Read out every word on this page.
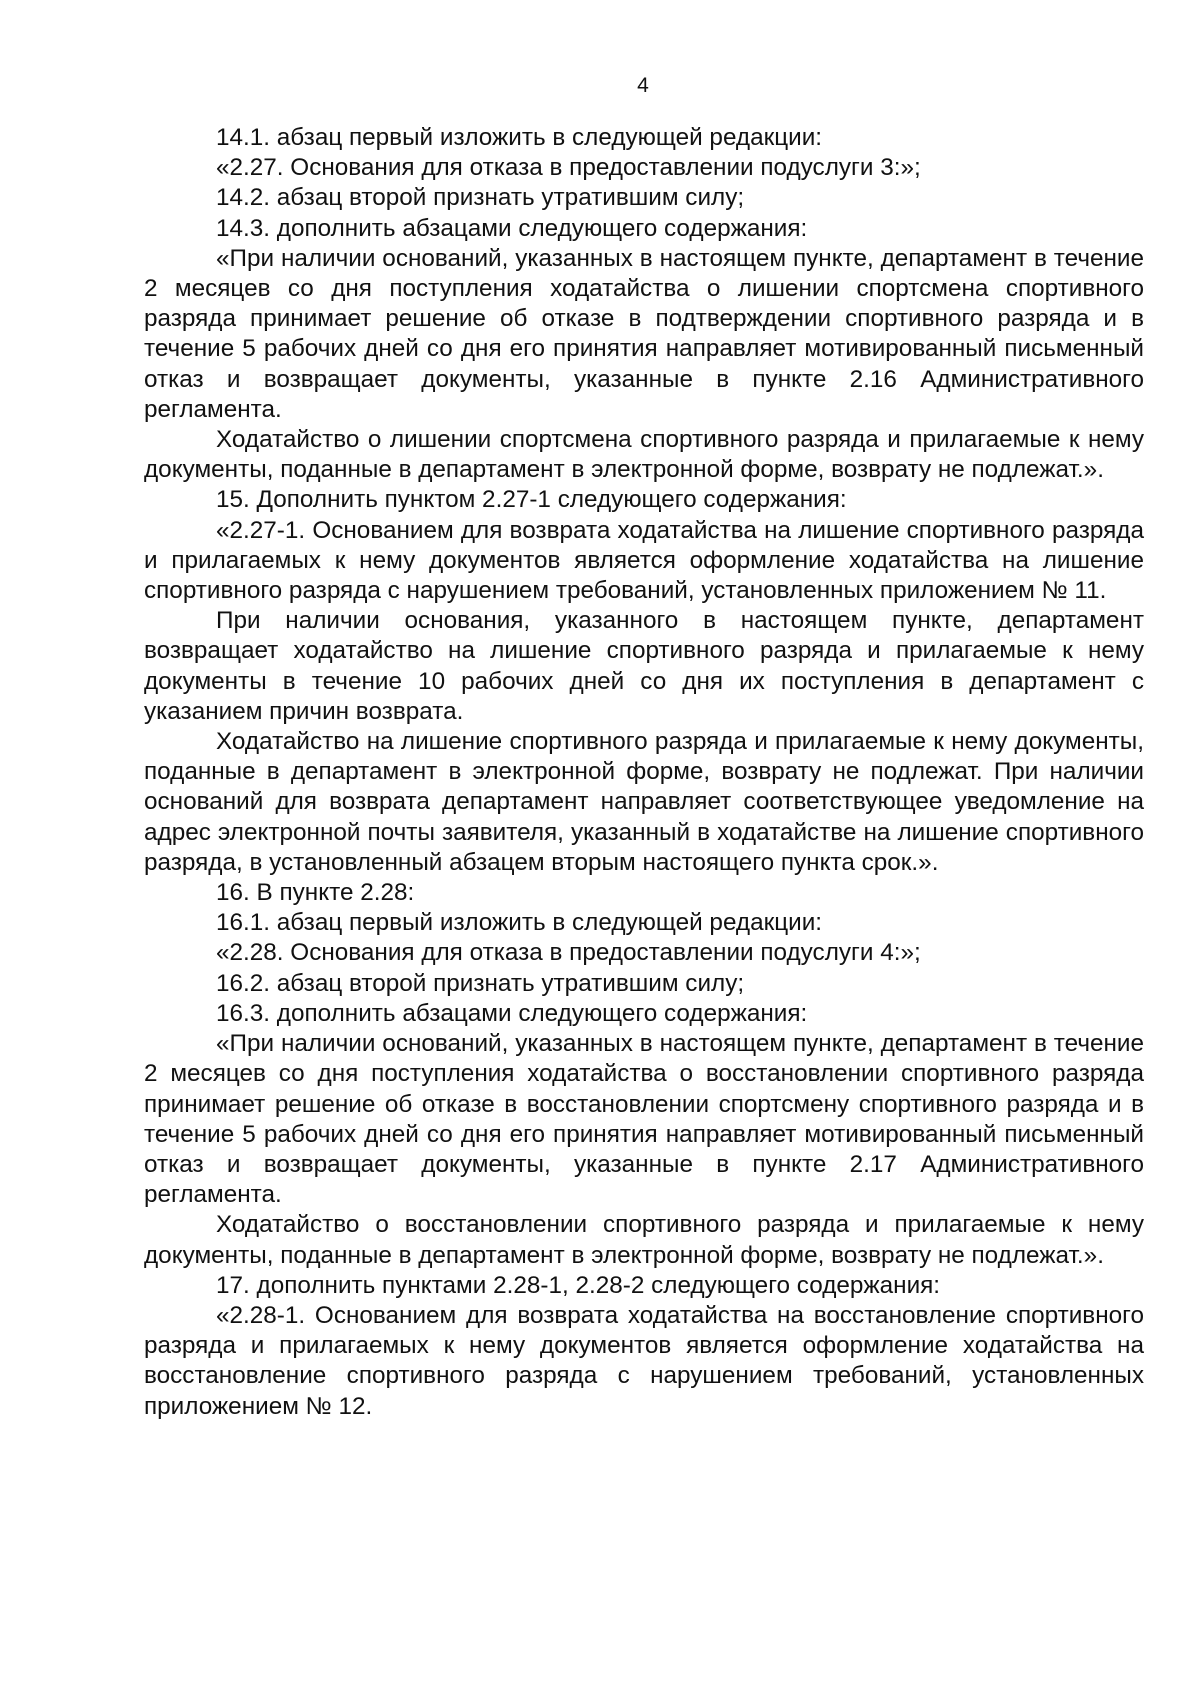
4

14.1. абзац первый изложить в следующей редакции:

«2.27. Основания для отказа в предоставлении подуслуги 3:»;

14.2. абзац второй признать утратившим силу;

14.3. дополнить абзацами следующего содержания:

«При наличии оснований, указанных в настоящем пункте, департамент в течение 2 месяцев со дня поступления ходатайства о лишении спортсмена спортивного разряда принимает решение об отказе в подтверждении спортивного разряда и в течение 5 рабочих дней со дня его принятия направляет мотивированный письменный отказ и возвращает документы, указанные в пункте 2.16 Административного регламента.

Ходатайство о лишении спортсмена спортивного разряда и прилагаемые к нему документы, поданные в департамент в электронной форме, возврату не подлежат.».

15. Дополнить пунктом 2.27-1 следующего содержания:

«2.27-1. Основанием для возврата ходатайства на лишение спортивного разряда и прилагаемых к нему документов является оформление ходатайства на лишение спортивного разряда с нарушением требований, установленных приложением № 11.

При наличии основания, указанного в настоящем пункте, департамент возвращает ходатайство на лишение спортивного разряда и прилагаемые к нему документы в течение 10 рабочих дней со дня их поступления в департамент с указанием причин возврата.

Ходатайство на лишение спортивного разряда и прилагаемые к нему документы, поданные в департамент в электронной форме, возврату не подлежат. При наличии оснований для возврата департамент направляет соответствующее уведомление на адрес электронной почты заявителя, указанный в ходатайстве на лишение спортивного разряда, в установленный абзацем вторым настоящего пункта срок.».

16. В пункте 2.28:

16.1. абзац первый изложить в следующей редакции:

«2.28. Основания для отказа в предоставлении подуслуги 4:»;

16.2. абзац второй признать утратившим силу;

16.3. дополнить абзацами следующего содержания:

«При наличии оснований, указанных в настоящем пункте, департамент в течение 2 месяцев со дня поступления ходатайства о восстановлении спортивного разряда принимает решение об отказе в восстановлении спортсмену спортивного разряда и в течение 5 рабочих дней со дня его принятия направляет мотивированный письменный отказ и возвращает документы, указанные в пункте 2.17 Административного регламента.

Ходатайство о восстановлении спортивного разряда и прилагаемые к нему документы, поданные в департамент в электронной форме, возврату не подлежат.».

17. дополнить пунктами 2.28-1, 2.28-2 следующего содержания:

«2.28-1. Основанием для возврата ходатайства на восстановление спортивного разряда и прилагаемых к нему документов является оформление ходатайства на восстановление спортивного разряда с нарушением требований, установленных приложением № 12.
